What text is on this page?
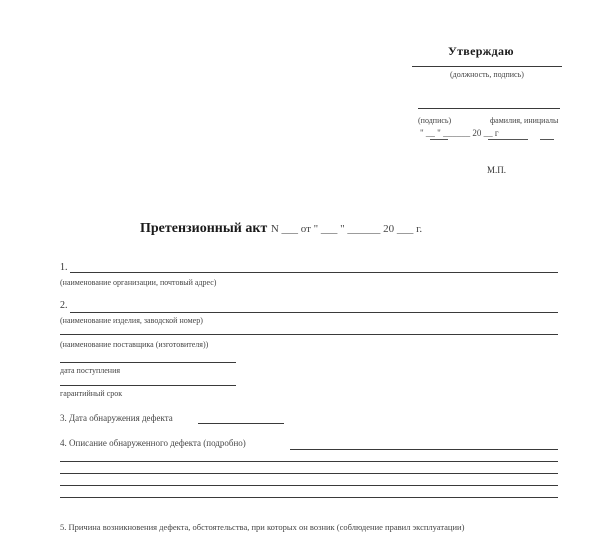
Утверждаю
(должность, подпись)
(подпись)	фамилия, инициалы
" __ " ______ 20 __ г
М.П.
Претензионный акт N ___ от " ___ " ______ 20 ___ г.
1.
(наименование организации, почтовый адрес)
2.
(наименование изделия, заводской номер)
(наименование поставщика (изготовителя))
дата поступления
гарантийный срок
3. Дата обнаружения дефекта
4. Описание обнаруженного дефекта (подробно)
5. Причина возникновения дефекта, обстоятельства, при которых он возник (соблюдение правил эксплуатации)
